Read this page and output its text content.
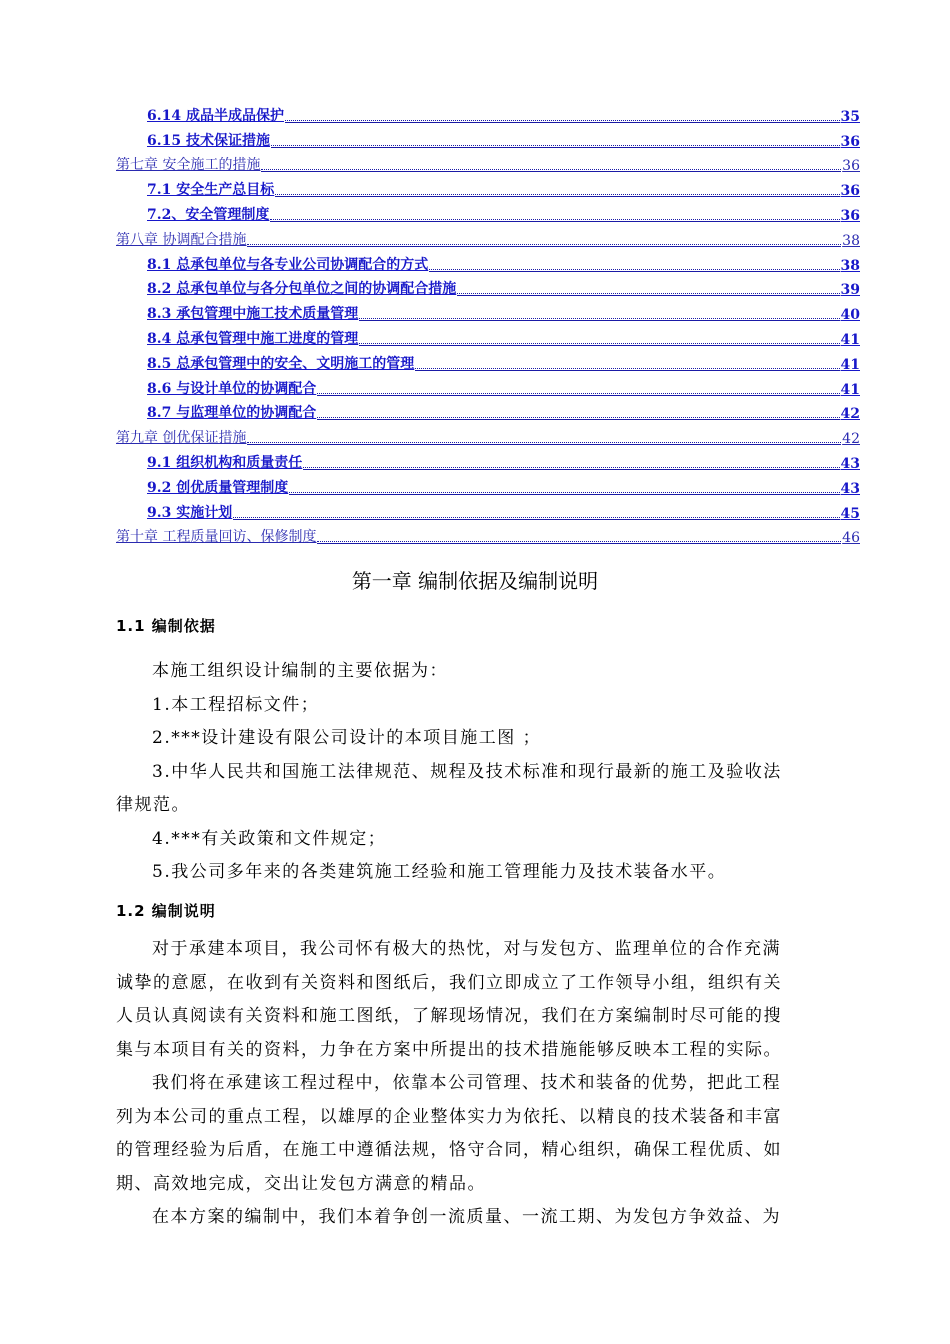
6.14 成品半成品保护	35
6.15 技术保证措施	36
第七章 安全施工的措施	36
7.1 安全生产总目标	36
7.2、安全管理制度	36
第八章 协调配合措施	38
8.1 总承包单位与各专业公司协调配合的方式	38
8.2 总承包单位与各分包单位之间的协调配合措施	39
8.3 承包管理中施工技术质量管理	40
8.4 总承包管理中施工进度的管理	41
8.5 总承包管理中的安全、文明施工的管理	41
8.6 与设计单位的协调配合	41
8.7 与监理单位的协调配合	42
第九章 创优保证措施	42
9.1 组织机构和质量责任	43
9.2 创优质量管理制度	43
9.3 实施计划	45
第十章 工程质量回访、保修制度	46
第一章 编制依据及编制说明
1.1 编制依据
本施工组织设计编制的主要依据为：
1.本工程招标文件；
2.***设计建设有限公司设计的本项目施工图 ；
3.中华人民共和国施工法律规范、规程及技术标准和现行最新的施工及验收法
律规范。
4.***有关政策和文件规定；
5.我公司多年来的各类建筑施工经验和施工管理能力及技术装备水平。
1.2 编制说明
对于承建本项目，我公司怀有极大的热忱，对与发包方、监理单位的合作充满
诚挚的意愿，在收到有关资料和图纸后，我们立即成立了工作领导小组，组织有关
人员认真阅读有关资料和施工图纸，了解现场情况，我们在方案编制时尽可能的搜
集与本项目有关的资料，力争在方案中所提出的技术措施能够反映本工程的实际。
我们将在承建该工程过程中，依靠本公司管理、技术和装备的优势，把此工程
列为本公司的重点工程，以雄厚的企业整体实力为依托、以精良的技术装备和丰富
的管理经验为后盾，在施工中遵循法规，恪守合同，精心组织，确保工程优质、如
期、高效地完成，交出让发包方满意的精品。
在本方案的编制中，我们本着争创一流质量、一流工期、为发包方争效益、为
